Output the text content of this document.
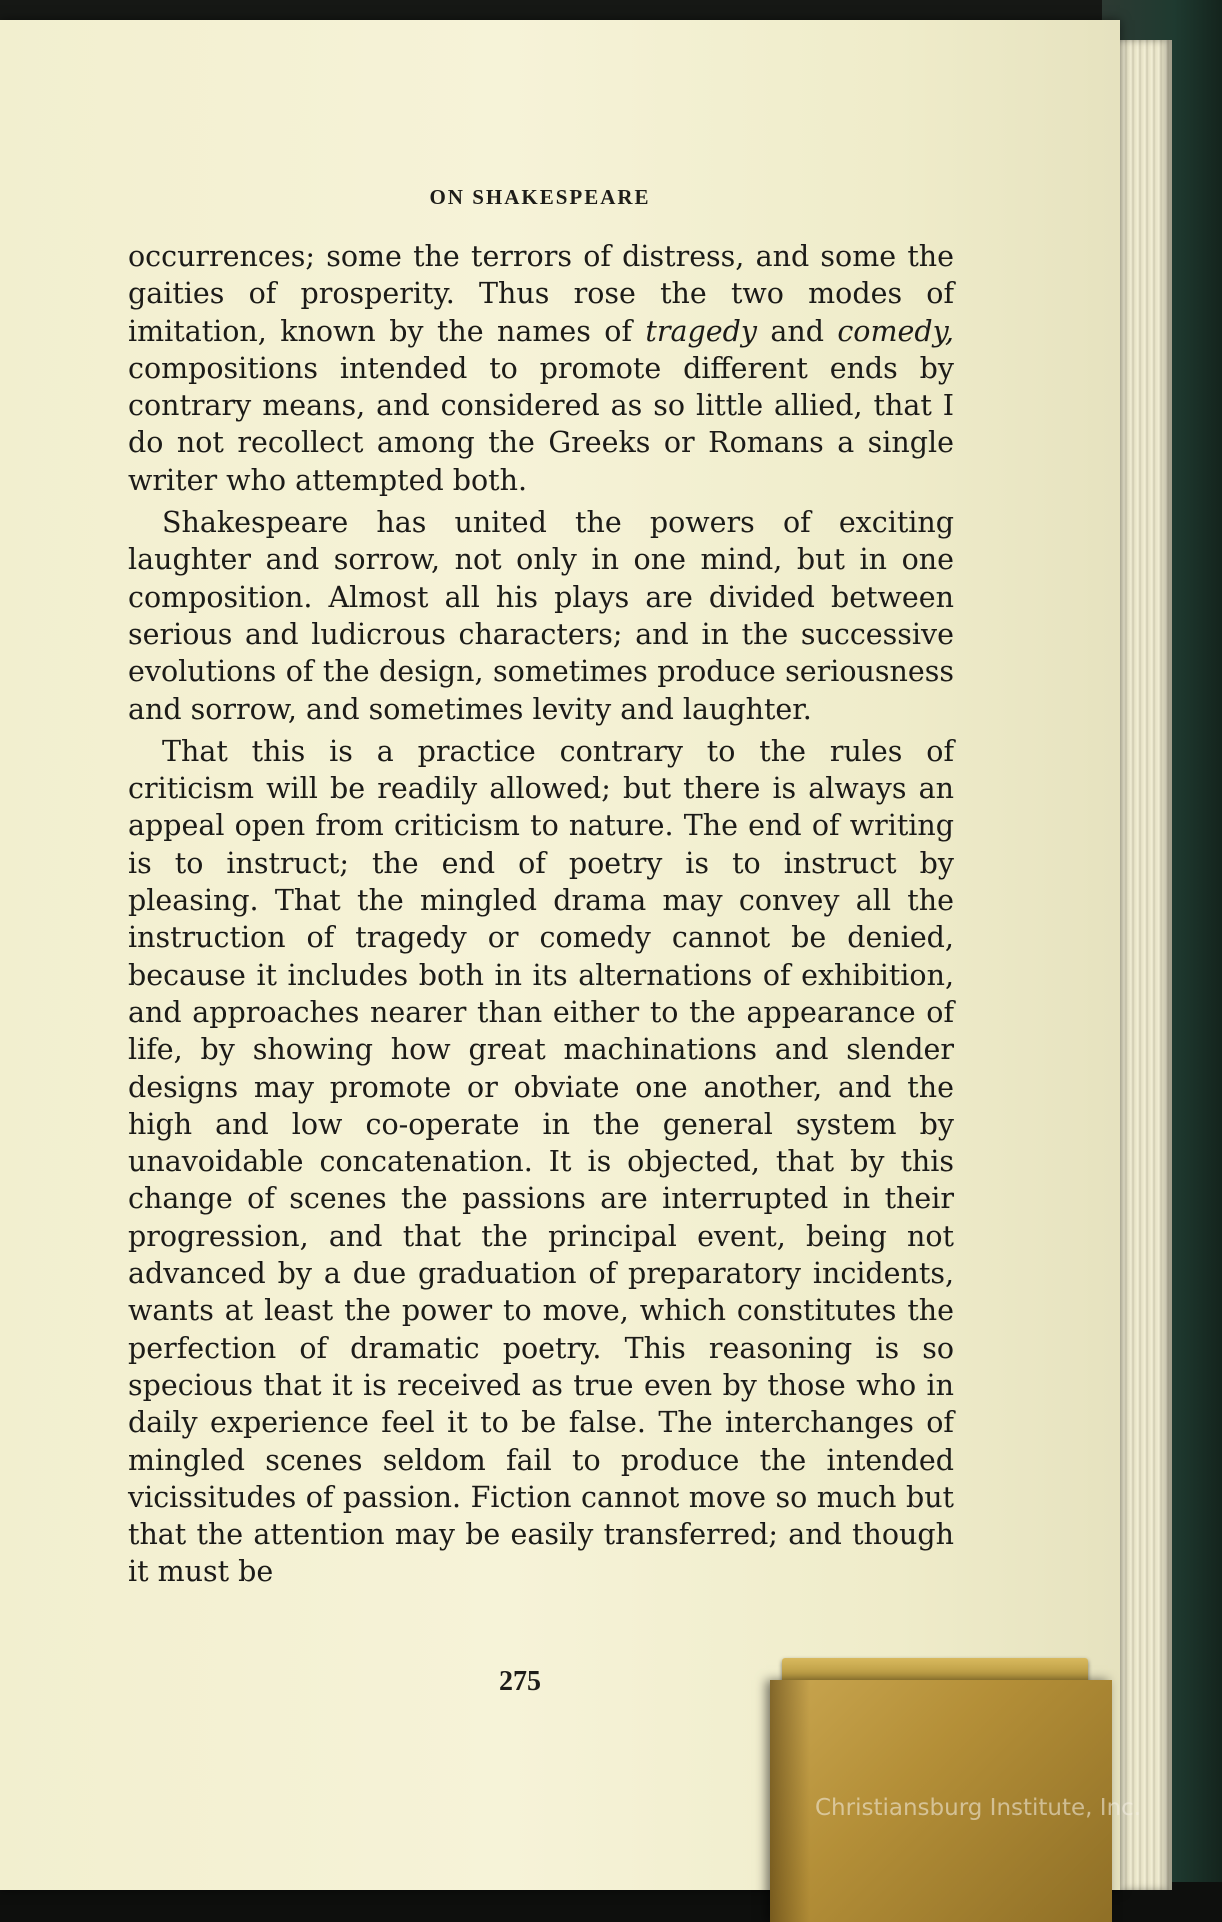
ON SHAKESPEARE

occurrences; some the terrors of distress, and some the gaities of prosperity. Thus rose the two modes of imitation, known by the names of tragedy and comedy, compositions intended to promote different ends by contrary means, and considered as so little allied, that I do not recollect among the Greeks or Romans a single writer who attempted both.

Shakespeare has united the powers of exciting laughter and sorrow, not only in one mind, but in one composition. Almost all his plays are divided between serious and ludicrous characters; and in the successive evolutions of the design, sometimes produce seriousness and sorrow, and sometimes levity and laughter.

That this is a practice contrary to the rules of criticism will be readily allowed; but there is always an appeal open from criticism to nature. The end of writing is to instruct; the end of poetry is to instruct by pleasing. That the mingled drama may convey all the instruction of tragedy or comedy cannot be denied, because it includes both in its alternations of exhibition, and approaches nearer than either to the appearance of life, by showing how great machinations and slender designs may promote or obviate one another, and the high and low co-operate in the general system by unavoidable concatenation. It is objected, that by this change of scenes the passions are interrupted in their progression, and that the principal event, being not advanced by a due graduation of preparatory incidents, wants at least the power to move, which constitutes the perfection of dramatic poetry. This reasoning is so specious that it is received as true even by those who in daily experience feel it to be false. The interchanges of mingled scenes seldom fail to produce the intended vicissitudes of passion. Fiction cannot move so much but that the attention may be easily transferred; and though it must be

275
Christiansburg Institute, Inc.
